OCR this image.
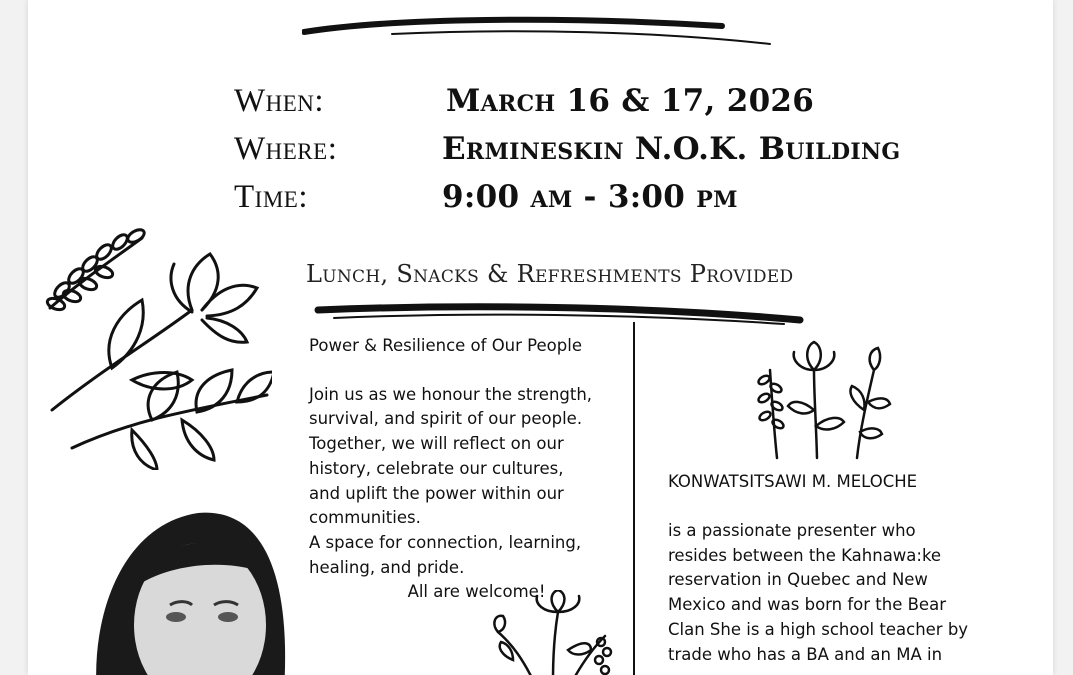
When:	March 16 & 17, 2026
Where:	Ermineskin N.O.K. Building
Time:	9:00 am - 3:00 pm
Lunch, Snacks & Refreshments Provided

Power & Resilience of Our People

Join us as we honour the strength,

survival, and spirit of our people.

Together, we will reflect on our

history, celebrate our cultures,

and uplift the power within our

communities.

A space for connection, learning,

healing, and pride.

All are welcome!

KONWATSITSAWI M. MELOCHE
is a passionate presenter who
resides between the Kahnawa:ke
reservation in Quebec and New
Mexico and was born for the Bear
Clan She is a high school teacher by
trade who has a BA and an MA in
